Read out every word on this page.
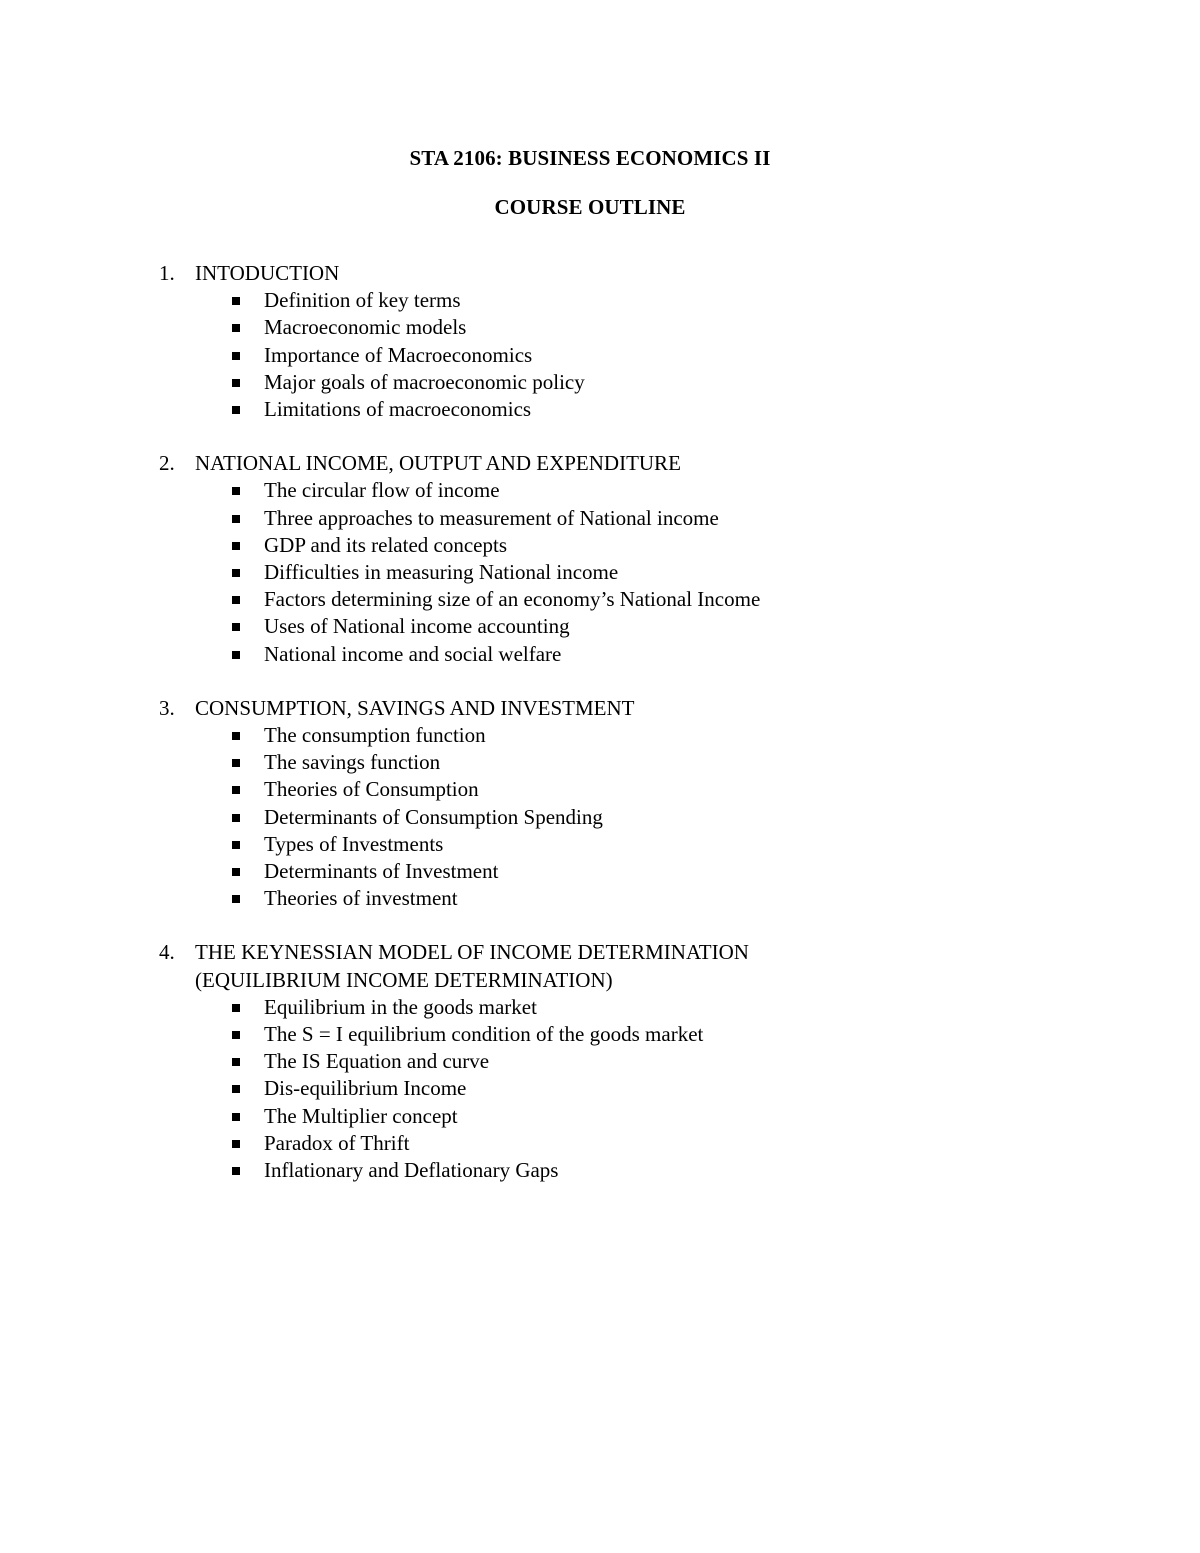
STA 2106: BUSINESS ECONOMICS II
COURSE OUTLINE
1. INTODUCTION
Definition of key terms
Macroeconomic models
Importance of Macroeconomics
Major goals of macroeconomic policy
Limitations of macroeconomics
2. NATIONAL INCOME, OUTPUT AND EXPENDITURE
The circular flow of income
Three approaches to measurement of National income
GDP and its related concepts
Difficulties in measuring National income
Factors determining size of an economy’s National Income
Uses of National income accounting
National income and social welfare
3. CONSUMPTION, SAVINGS AND INVESTMENT
The consumption function
The savings function
Theories of Consumption
Determinants of Consumption Spending
Types of Investments
Determinants of Investment
Theories of investment
4. THE KEYNESSIAN MODEL OF INCOME DETERMINATION
(EQUILIBRIUM INCOME DETERMINATION)
Equilibrium in the goods market
The S = I equilibrium condition of the goods market
The IS Equation and curve
Dis-equilibrium Income
The Multiplier concept
Paradox of Thrift
Inflationary and Deflationary Gaps
